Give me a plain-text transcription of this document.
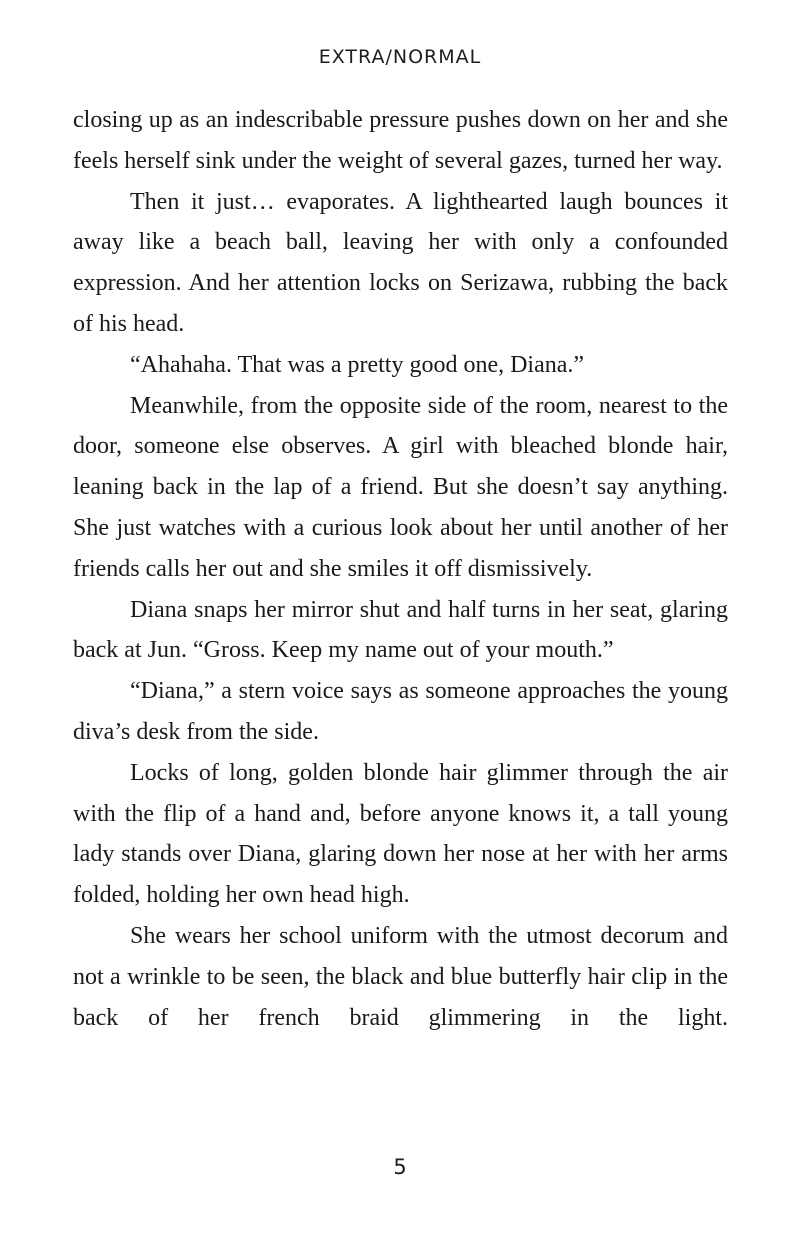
EXTRA/NORMAL

closing up as an indescribable pressure pushes down on her and she feels herself sink under the weight of several gazes, turned her way.

Then it just… evaporates. A lighthearted laugh bounces it away like a beach ball, leaving her with only a confounded expression. And her attention locks on Serizawa, rubbing the back of his head.

“Ahahaha. That was a pretty good one, Diana.”

Meanwhile, from the opposite side of the room, nearest to the door, someone else observes. A girl with bleached blonde hair, leaning back in the lap of a friend. But she doesn’t say anything. She just watches with a curious look about her until another of her friends calls her out and she smiles it off dismissively.

Diana snaps her mirror shut and half turns in her seat, glaring back at Jun. “Gross. Keep my name out of your mouth.”

“Diana,” a stern voice says as someone approaches the young diva’s desk from the side.

Locks of long, golden blonde hair glimmer through the air with the flip of a hand and, before anyone knows it, a tall young lady stands over Diana, glaring down her nose at her with her arms folded, holding her own head high.

She wears her school uniform with the utmost decorum and not a wrinkle to be seen, the black and blue butterfly hair clip in the back of her french braid glimmering in the light.

5
